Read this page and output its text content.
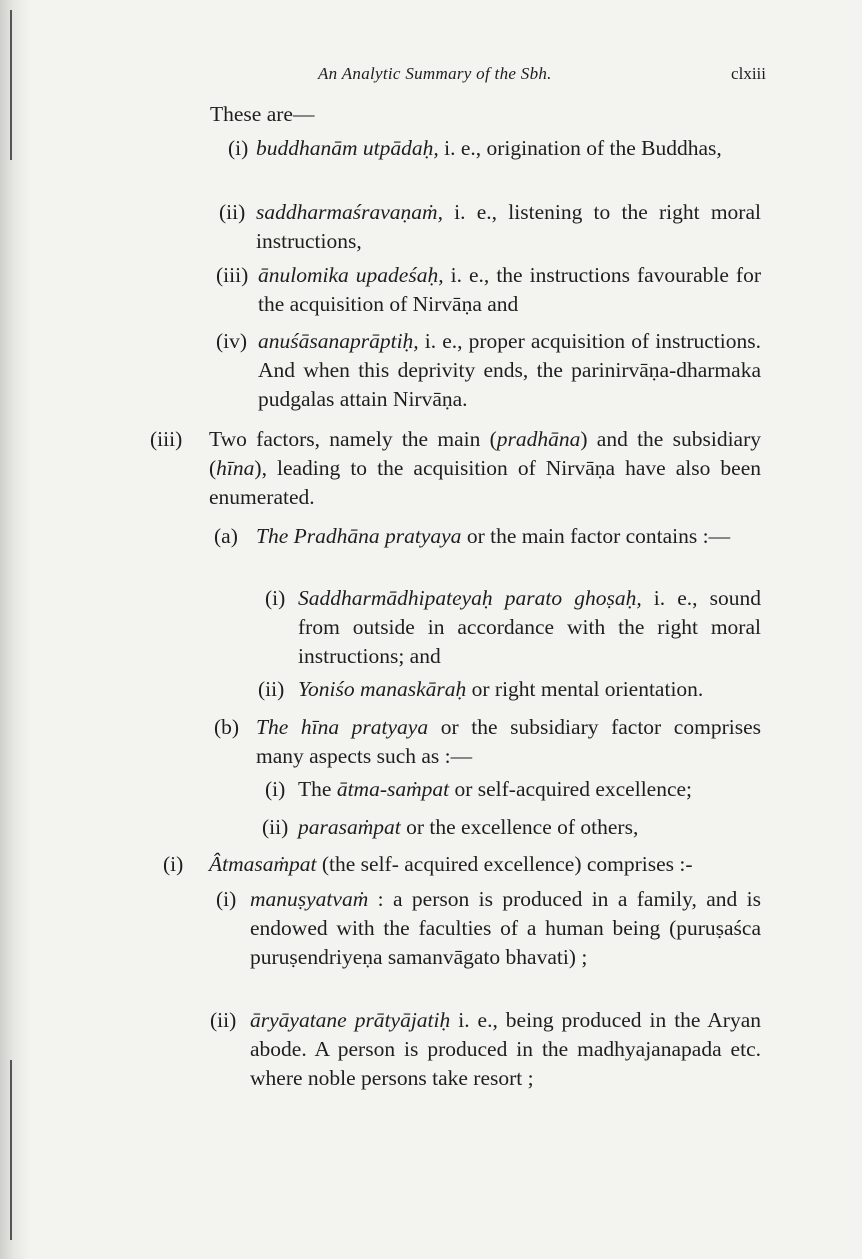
An Analytic Summary of the Sbh.	clxiii
These are—
(i) buddhanām utpādaḥ, i. e., origination of the Buddhas,
(ii) saddharmaśravaṇaṁ, i. e., listening to the right moral instructions,
(iii) ānulomika upadeśaḥ, i. e., the instructions favourable for the acquisition of Nirvāṇa and
(iv) anuśāsanaprāptiḥ, i. e., proper acquisition of instructions. And when this deprivity ends, the parinirvāṇa-dharmaka pudgalas attain Nirvāṇa.
(iii) Two factors, namely the main (pradhāna) and the subsidiary (hīna), leading to the acquisition of Nirvāṇa have also been enumerated.
(a) The Pradhāna pratyaya or the main factor contains :—
(i) Saddharmādhipateyaḥ parato ghoṣaḥ, i. e., sound from outside in accordance with the right moral instructions; and
(ii) Yoniśo manaskāraḥ or right mental orientation.
(b) The hīna pratyaya or the subsidiary factor comprises many aspects such as :—
(i) The ātma-saṁpat or self-acquired excellence;
(ii) parasaṁpat or the excellence of others,
(i) Âtmasaṁpat (the self- acquired excellence) comprises :-
(i) manuṣyatvaṁ : a person is produced in a family, and is endowed with the faculties of a human being (puruṣaśca puruṣendriyeṇa samanvāgato bhavati) ;
(ii) āryāyatane prātyājatiḥ i. e., being produced in the Aryan abode. A person is produced in the madhyajanapada etc. where noble persons take resort ;
